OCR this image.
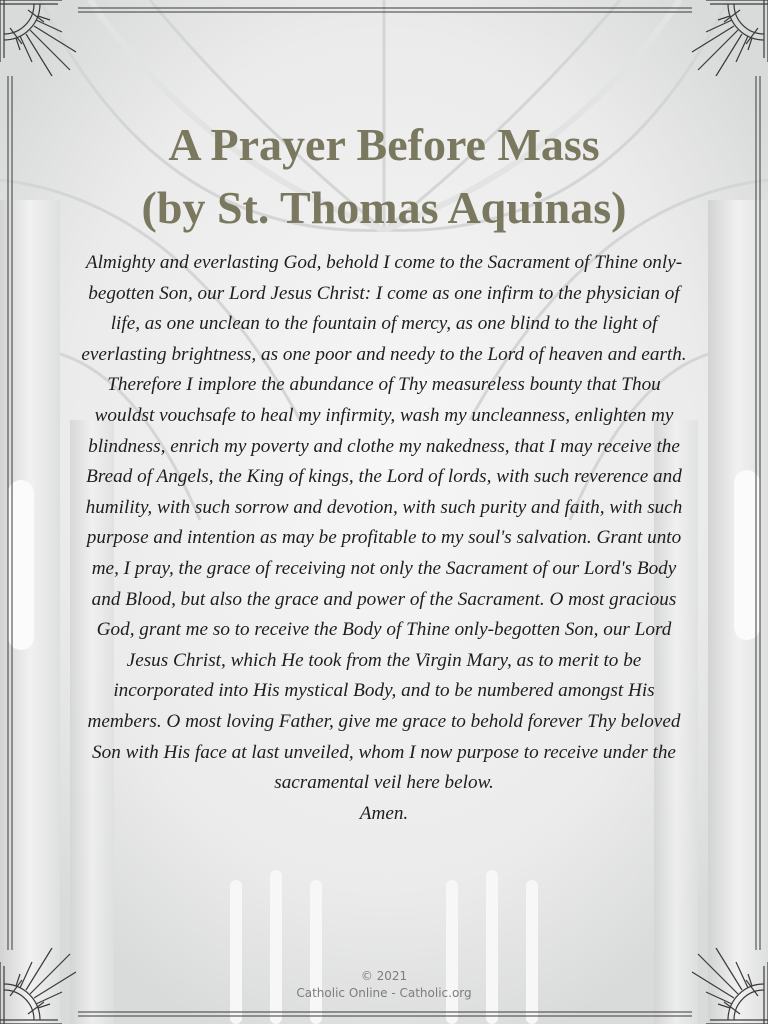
A Prayer Before Mass
(by St. Thomas Aquinas)
Almighty and everlasting God, behold I come to the Sacrament of Thine only-begotten Son, our Lord Jesus Christ: I come as one infirm to the physician of life, as one unclean to the fountain of mercy, as one blind to the light of everlasting brightness, as one poor and needy to the Lord of heaven and earth. Therefore I implore the abundance of Thy measureless bounty that Thou wouldst vouchsafe to heal my infirmity, wash my uncleanness, enlighten my blindness, enrich my poverty and clothe my nakedness, that I may receive the Bread of Angels, the King of kings, the Lord of lords, with such reverence and humility, with such sorrow and devotion, with such purity and faith, with such purpose and intention as may be profitable to my soul's salvation. Grant unto me, I pray, the grace of receiving not only the Sacrament of our Lord's Body and Blood, but also the grace and power of the Sacrament. O most gracious God, grant me so to receive the Body of Thine only-begotten Son, our Lord Jesus Christ, which He took from the Virgin Mary, as to merit to be incorporated into His mystical Body, and to be numbered amongst His members. O most loving Father, give me grace to behold forever Thy beloved Son with His face at last unveiled, whom I now purpose to receive under the sacramental veil here below.
Amen.
© 2021
Catholic Online - Catholic.org
